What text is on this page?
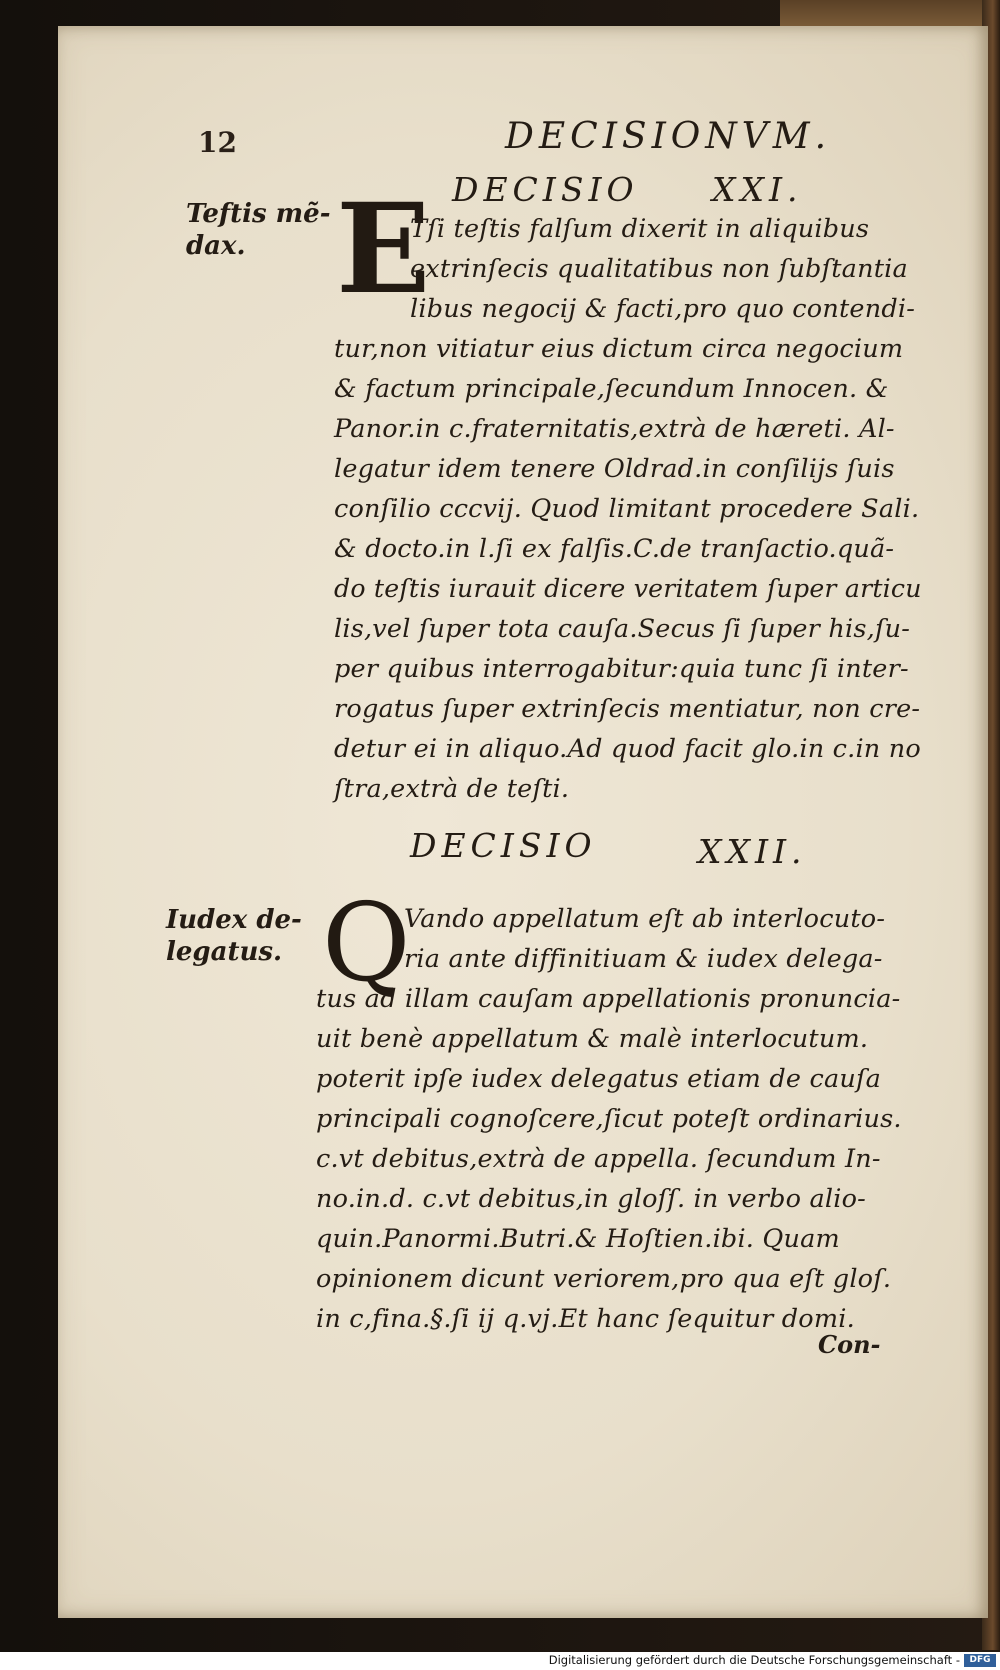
12	DECISIONVM.
DECISIO XXI.
Teftis mẽ-
dax. E
Tſi teſtis falſum dixerit in aliquibus
extrinſecis qualitatibus non ſubſtantia
libus negocij & facti,pro quo contendi-
tur,non vitiatur eius dictum circa negocium
& factum principale,ſecundum Innocen. &
Panor.in c.fraternitatis,extrà de hæreti. Al-
legatur idem tenere Oldrad.in conſilijs ſuis
conſilio cccvij. Quod limitant procedere Sali.
& docto.in l.ſi ex falſis.C.de tranſactio.quã-
do teſtis iurauit dicere veritatem ſuper articu
lis,vel ſuper tota cauſa.Secus ſi ſuper his,ſu-
per quibus interrogabitur:quia tunc ſi inter-
rogatus ſuper extrinſecis mentiatur, non cre-
detur ei in aliquo.Ad quod facit glo.in c.in no
ſtra,extrà de teſti.
DECISIO	XXII.
Iudex de-
legatus. Q
Vando appellatum eſt ab interlocuto-
ria ante diffinitiuam & iudex delega-
tus ad illam cauſam appellationis pronuncia-
uit benè appellatum & malè interlocutum.
poterit ipſe iudex delegatus etiam de cauſa
principali cognoſcere,ſicut poteſt ordinarius.
c.vt debitus,extrà de appella. ſecundum In-
no.in.d. c.vt debitus,in gloſſ. in verbo alio-
quin.Panormi.Butri.& Hoſtien.ibi. Quam
opinionem dicunt veriorem,pro qua eſt gloſ.
in c,fina.§.ſi ij q.vj.Et hanc ſequitur domi.
Con-
Digitalisierung gefördert durch die Deutsche Forschungsgemeinschaft -	DFG
